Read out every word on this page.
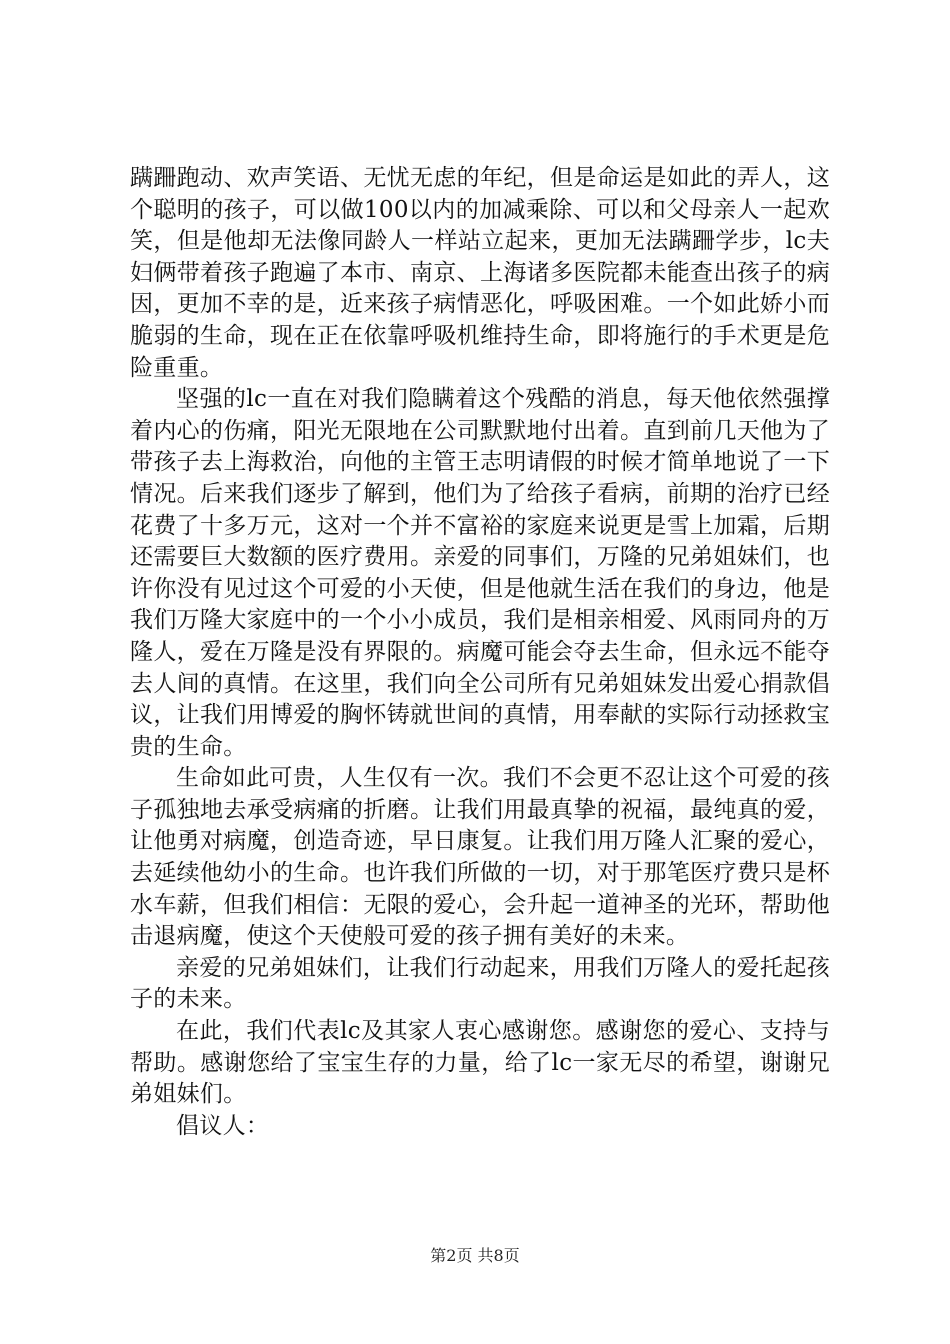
蹒跚跑动、欢声笑语、无忧无虑的年纪，但是命运是如此的弄人，这个聪明的孩子，可以做100以内的加减乘除、可以和父母亲人一起欢笑，但是他却无法像同龄人一样站立起来，更加无法蹒跚学步，lc夫妇俩带着孩子跑遍了本市、南京、上海诸多医院都未能查出孩子的病因，更加不幸的是，近来孩子病情恶化，呼吸困难。一个如此娇小而脆弱的生命，现在正在依靠呼吸机维持生命，即将施行的手术更是危险重重。

坚强的lc一直在对我们隐瞒着这个残酷的消息，每天他依然强撑着内心的伤痛，阳光无限地在公司默默地付出着。直到前几天他为了带孩子去上海救治，向他的主管王志明请假的时候才简单地说了一下情况。后来我们逐步了解到，他们为了给孩子看病，前期的治疗已经花费了十多万元，这对一个并不富裕的家庭来说更是雪上加霜，后期还需要巨大数额的医疗费用。亲爱的同事们，万隆的兄弟姐妹们，也许你没有见过这个可爱的小天使，但是他就生活在我们的身边，他是我们万隆大家庭中的一个小小成员，我们是相亲相爱、风雨同舟的万隆人，爱在万隆是没有界限的。病魔可能会夺去生命，但永远不能夺去人间的真情。在这里，我们向全公司所有兄弟姐妹发出爱心捐款倡议，让我们用博爱的胸怀铸就世间的真情，用奉献的实际行动拯救宝贵的生命。

生命如此可贵，人生仅有一次。我们不会更不忍让这个可爱的孩子孤独地去承受病痛的折磨。让我们用最真挚的祝福，最纯真的爱，让他勇对病魔，创造奇迹，早日康复。让我们用万隆人汇聚的爱心，去延续他幼小的生命。也许我们所做的一切，对于那笔医疗费只是杯水车薪，但我们相信：无限的爱心，会升起一道神圣的光环，帮助他击退病魔，使这个天使般可爱的孩子拥有美好的未来。

亲爱的兄弟姐妹们，让我们行动起来，用我们万隆人的爱托起孩子的未来。

在此，我们代表lc及其家人衷心感谢您。感谢您的爱心、支持与帮助。感谢您给了宝宝生存的力量，给了lc一家无尽的希望，谢谢兄弟姐妹们。

倡议人：

第2页 共8页
